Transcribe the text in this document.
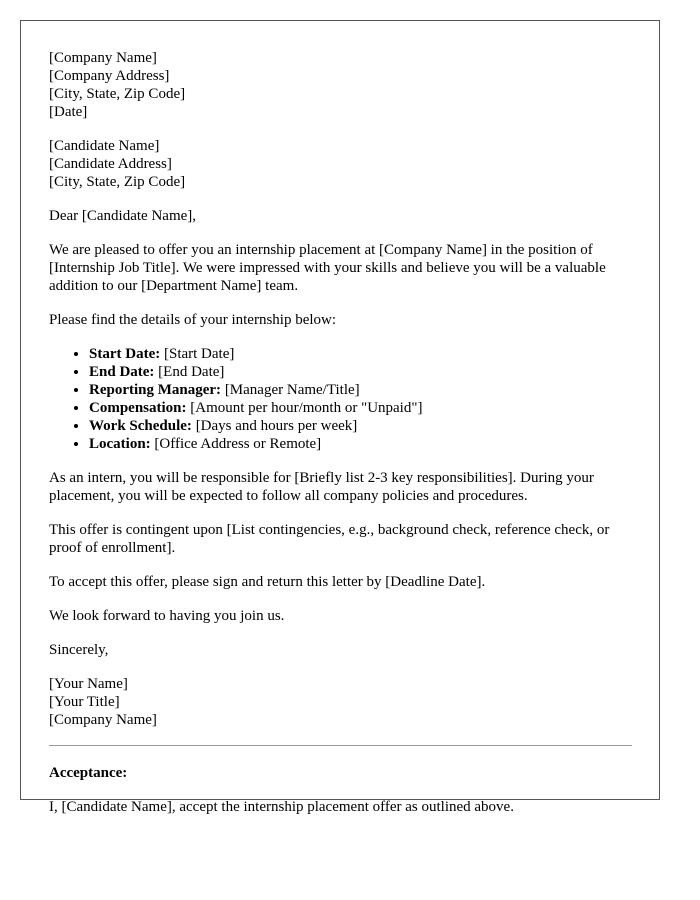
[Company Name]
[Company Address]
[City, State, Zip Code]
[Date]
[Candidate Name]
[Candidate Address]
[City, State, Zip Code]

Dear [Candidate Name],

We are pleased to offer you an internship placement at [Company Name] in the position of [Internship Job Title]. We were impressed with your skills and believe you will be a valuable addition to our [Department Name] team.

Please find the details of your internship below:

• Start Date: [Start Date]
• End Date: [End Date]
• Reporting Manager: [Manager Name/Title]
• Compensation: [Amount per hour/month or "Unpaid"]
• Work Schedule: [Days and hours per week]
• Location: [Office Address or Remote]

As an intern, you will be responsible for [Briefly list 2-3 key responsibilities]. During your placement, you will be expected to follow all company policies and procedures.

This offer is contingent upon [List contingencies, e.g., background check, reference check, or proof of enrollment].

To accept this offer, please sign and return this letter by [Deadline Date].

We look forward to having you join us.

Sincerely,

[Your Name]
[Your Title]
[Company Name]
Acceptance:

I, [Candidate Name], accept the internship placement offer as outlined above.
